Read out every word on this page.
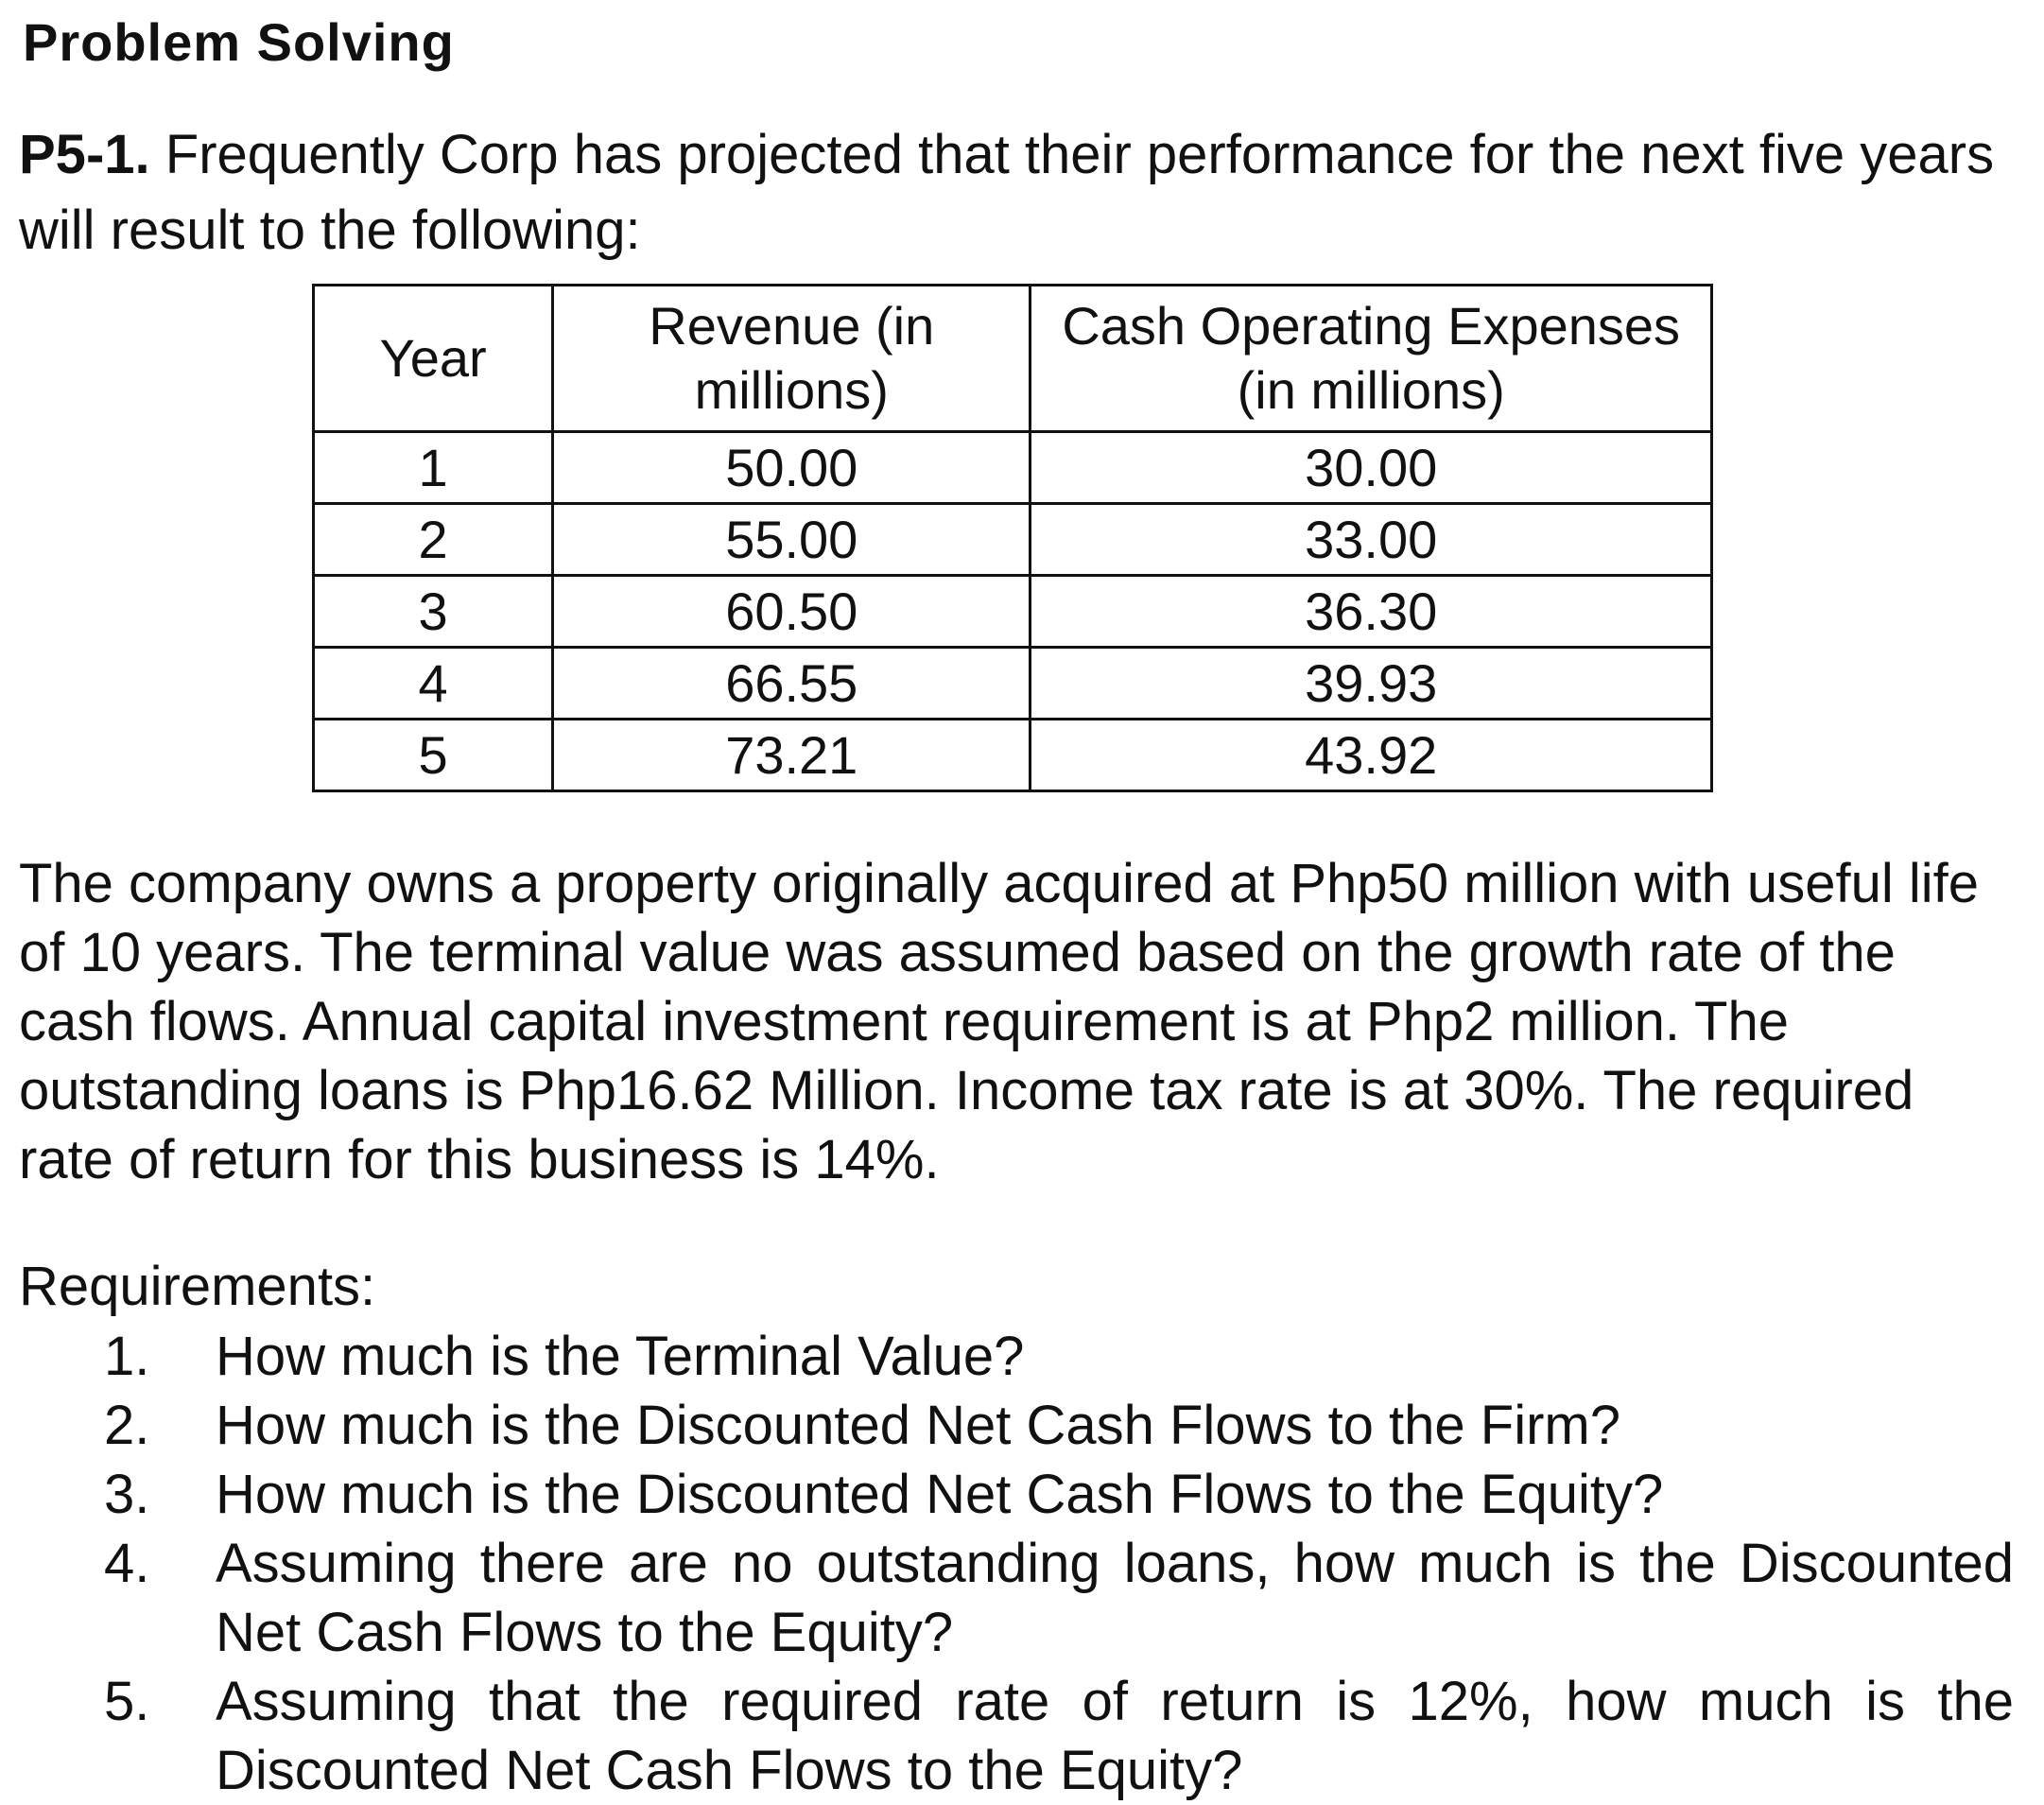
Problem Solving
P5-1. Frequently Corp has projected that their performance for the next five years will result to the following:
Year	Revenue (in millions)	Cash Operating Expenses (in millions)
1	50.00	30.00
2	55.00	33.00
3	60.50	36.30
4	66.55	39.93
5	73.21	43.92
The company owns a property originally acquired at Php50 million with useful life of 10 years. The terminal value was assumed based on the growth rate of the cash flows. Annual capital investment requirement is at Php2 million. The outstanding loans is Php16.62 Million. Income tax rate is at 30%. The required rate of return for this business is 14%.
Requirements:
1. How much is the Terminal Value?
2. How much is the Discounted Net Cash Flows to the Firm?
3. How much is the Discounted Net Cash Flows to the Equity?
4. Assuming there are no outstanding loans, how much is the Discounted Net Cash Flows to the Equity?
5. Assuming that the required rate of return is 12%, how much is the Discounted Net Cash Flows to the Equity?
